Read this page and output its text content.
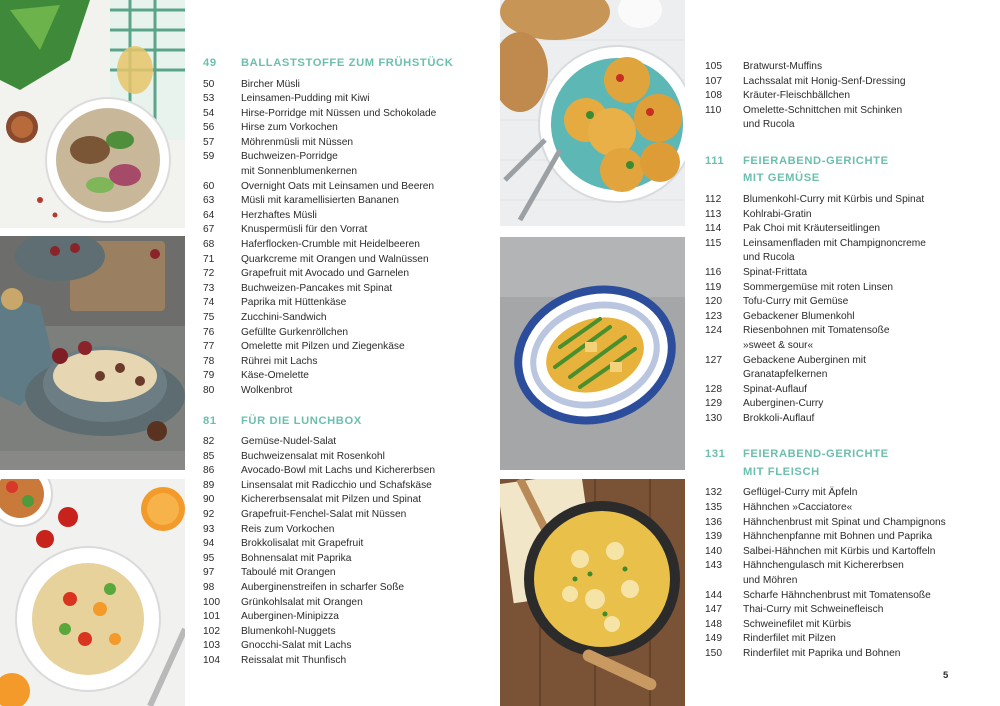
49	BALLASTSTOFFE ZUM FRÜHSTÜCK
50	Bircher Müsli
53	Leinsamen-Pudding mit Kiwi
54	Hirse-Porridge mit Nüssen und Schokolade
56	Hirse zum Vorkochen
57	Möhrenmüsli mit Nüssen
59	Buchweizen-Porridge
mit Sonnenblumenkernen
60	Overnight Oats mit Leinsamen und Beeren
63	Müsli mit karamellisierten Bananen
64	Herzhaftes Müsli
67	Knuspermüsli für den Vorrat
68	Haferflocken-Crumble mit Heidelbeeren
71	Quarkcreme mit Orangen und Walnüssen
72	Grapefruit mit Avocado und Garnelen
73	Buchweizen-Pancakes mit Spinat
74	Paprika mit Hüttenkäse
75	Zucchini-Sandwich
76	Gefüllte Gurkenröllchen
77	Omelette mit Pilzen und Ziegenkäse
78	Rührei mit Lachs
79	Käse-Omelette
80	Wolkenbrot
81	FÜR DIE LUNCHBOX
82	Gemüse-Nudel-Salat
85	Buchweizensalat mit Rosenkohl
86	Avocado-Bowl mit Lachs und Kichererbsen
89	Linsensalat mit Radicchio und Schafskäse
90	Kichererbsensalat mit Pilzen und Spinat
92	Grapefruit-Fenchel-Salat mit Nüssen
93	Reis zum Vorkochen
94	Brokkolisalat mit Grapefruit
95	Bohnensalat mit Paprika
97	Taboulé mit Orangen
98	Auberginenstreifen in scharfer Soße
100	Grünkohlsalat mit Orangen
101	Auberginen-Minipizza
102	Blumenkohl-Nuggets
103	Gnocchi-Salat mit Lachs
104	Reissalat mit Thunfisch
105	Bratwurst-Muffins
107	Lachssalat mit Honig-Senf-Dressing
108	Kräuter-Fleischbällchen
110	Omelette-Schnittchen mit Schinken
und Rucola
111	FEIERABEND-GERICHTE
MIT GEMÜSE
112	Blumenkohl-Curry mit Kürbis und Spinat
113	Kohlrabi-Gratin
114	Pak Choi mit Kräuterseitlingen
115	Leinsamenfladen mit Champignoncreme
und Rucola
116	Spinat-Frittata
119	Sommergemüse mit roten Linsen
120	Tofu-Curry mit Gemüse
123	Gebackener Blumenkohl
124	Riesenbohnen mit Tomatensoße
»sweet & sour«
127	Gebackene Auberginen mit
Granatapfelkernen
128	Spinat-Auflauf
129	Auberginen-Curry
130	Brokkoli-Auflauf
131	FEIERABEND-GERICHTE
MIT FLEISCH
132	Geflügel-Curry mit Äpfeln
135	Hähnchen »Cacciatore«
136	Hähnchenbrust mit Spinat und Champignons
139	Hähnchenpfanne mit Bohnen und Paprika
140	Salbei-Hähnchen mit Kürbis und Kartoffeln
143	Hähnchengulasch mit Kichererbsen
und Möhren
144	Scharfe Hähnchenbrust mit Tomatensoße
147	Thai-Curry mit Schweinefleisch
148	Schweinefilet mit Kürbis
149	Rinderfilet mit Pilzen
150	Rinderfilet mit Paprika und Bohnen
5
